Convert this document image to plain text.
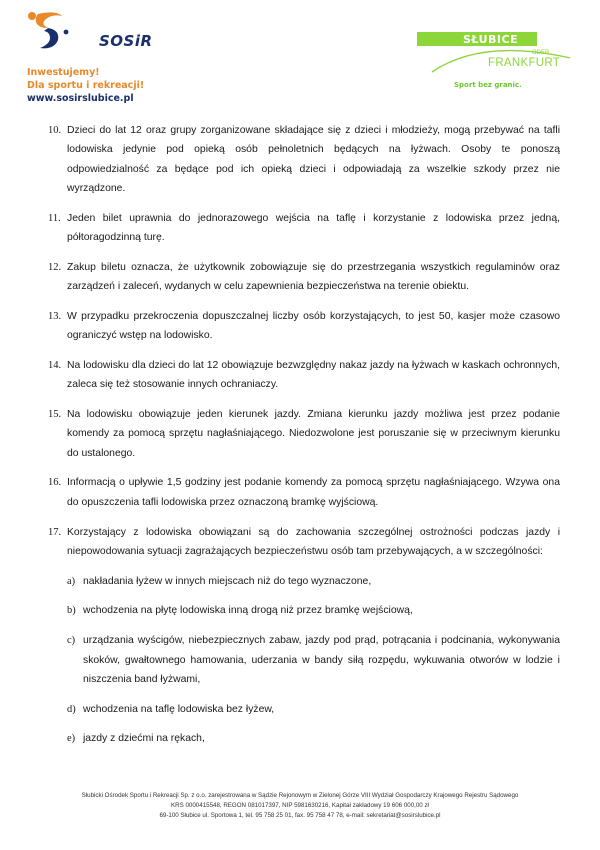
SOSiR
Inwestujemy!
Dla sportu i rekreacji!
www.sosirslubice.pl
SŁUBICE
ODER
FRANKFURT
Sport bez granic.
10. Dzieci do lat 12 oraz grupy zorganizowane składające się z dzieci i młodzieży, mogą przebywać na tafli lodowiska jedynie pod opieką osób pełnoletnich będących na łyżwach. Osoby te ponoszą odpowiedzialność za będące pod ich opieką dzieci i odpowiadają za wszelkie szkody przez nie wyrządzone.
11. Jeden bilet uprawnia do jednorazowego wejścia na taflę i korzystanie z lodowiska przez jedną, półtoragodzinną turę.
12. Zakup biletu oznacza, że użytkownik zobowiązuje się do przestrzegania wszystkich regulaminów oraz zarządzeń i zaleceń, wydanych w celu zapewnienia bezpieczeństwa na terenie obiektu.
13. W przypadku przekroczenia dopuszczalnej liczby osób korzystających, to jest 50, kasjer może czasowo ograniczyć wstęp na lodowisko.
14. Na lodowisku dla dzieci do lat 12 obowiązuje bezwzględny nakaz jazdy na łyżwach w kaskach ochronnych, zaleca się też stosowanie innych ochraniaczy.
15. Na lodowisku obowiązuje jeden kierunek jazdy. Zmiana kierunku jazdy możliwa jest przez podanie komendy za pomocą sprzętu nagłaśniającego. Niedozwolone jest poruszanie się w przeciwnym kierunku do ustalonego.
16. Informacją o upływie 1,5 godziny jest podanie komendy za pomocą sprzętu nagłaśniającego. Wzywa ona do opuszczenia tafli lodowiska przez oznaczoną bramkę wyjściową.
17. Korzystający z lodowiska obowiązani są do zachowania szczególnej ostrożności podczas jazdy i niepowodowania sytuacji zagrażających bezpieczeństwu osób tam przebywających, a w szczególności:
a) nakładania łyżew w innych miejscach niż do tego wyznaczone,
b) wchodzenia na płytę lodowiska inną drogą niż przez bramkę wejściową,
c) urządzania wyścigów, niebezpiecznych zabaw, jazdy pod prąd, potrącania i podcinania, wykonywania skoków, gwałtownego hamowania, uderzania w bandy siłą rozpędu, wykuwania otworów w lodzie i niszczenia band łyżwami,
d) wchodzenia na taflę lodowiska bez łyżew,
e) jazdy z dziećmi na rękach,
Słubicki Ośrodek Sportu i Rekreacji Sp. z o.o. zarejestrowana w Sądzie Rejonowym w Zielonej Górze VIII Wydział Gospodarczy Krajowego Rejestru Sądowego
KRS 0000415548, REGON 081017397, NIP 5981630216, Kapitał zakładowy 19 606 000,00 zł
69-100 Słubice ul. Sportowa 1, tel. 95 758 25 01, fax. 95 758 47 78, e-mail: sekretariat@sosirslubice.pl
